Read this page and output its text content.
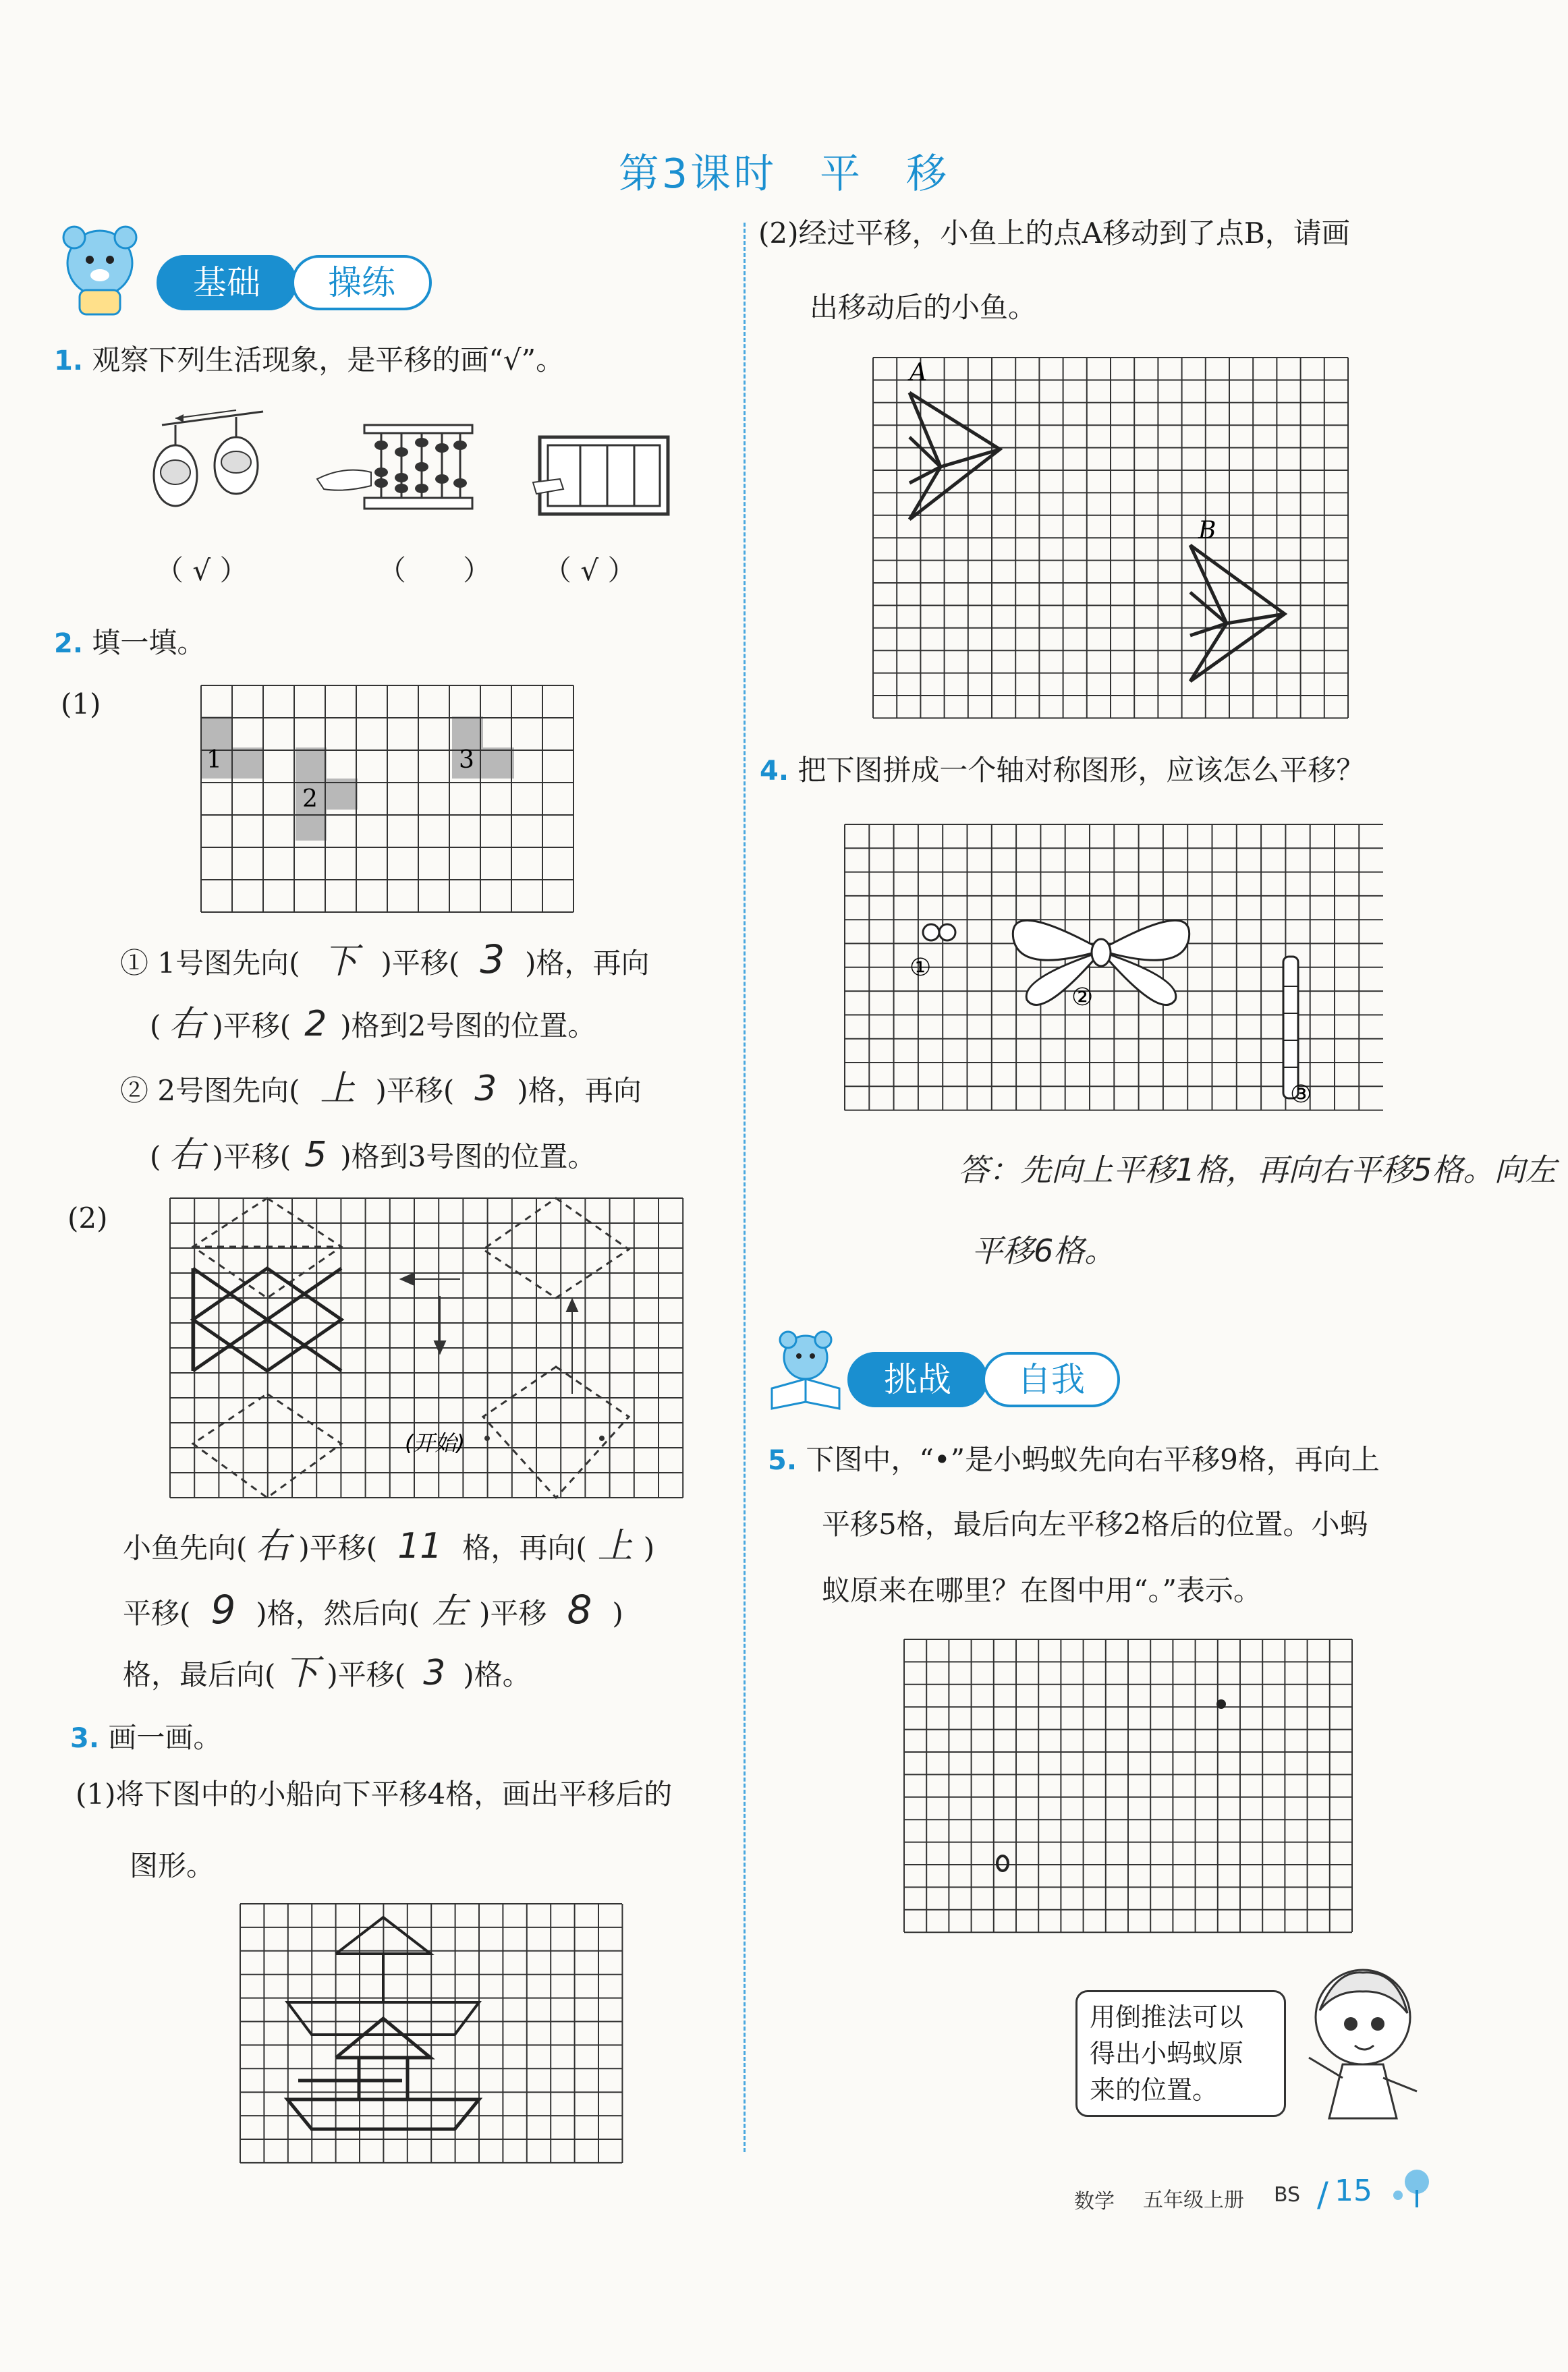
第3课时　平　移
基础	操练
1. 观察下列生活现象，是平移的画“√”。
（ √ ）	（　　） （ √ ）
2. 填一填。
(1)
1
2
3
① 1号图先向( 下 )平移( 3 )格，再向
( 右 )平移( 2 )格到2号图的位置。
② 2号图先向( 上 )平移( 3 )格，再向
( 右 )平移( 5 )格到3号图的位置。
(2)
(开始)
小鱼先向( 右 )平移( 11 格，再向( 上 )
平移( 9 )格，然后向( 左 )平移 8 )
格，最后向( 下 )平移( 3 )格。
3. 画一画。
(1)将下图中的小船向下平移4格，画出平移后的
图形。
(2)经过平移，小鱼上的点A移动到了点B，请画
出移动后的小鱼。
A
B
4. 把下图拼成一个轴对称图形，应该怎么平移？
①
②
③
答：先向上平移1格，再向右平移5格。向左
平移6格。
挑战	自我
5. 下图中，“•”是小蚂蚁先向右平移9格，再向上
平移5格，最后向左平移2格后的位置。小蚂
蚁原来在哪里？在图中用“。”表示。
用倒推法可以
得出小蚂蚁原
来的位置。
数学 五年级上册 BS / 15
